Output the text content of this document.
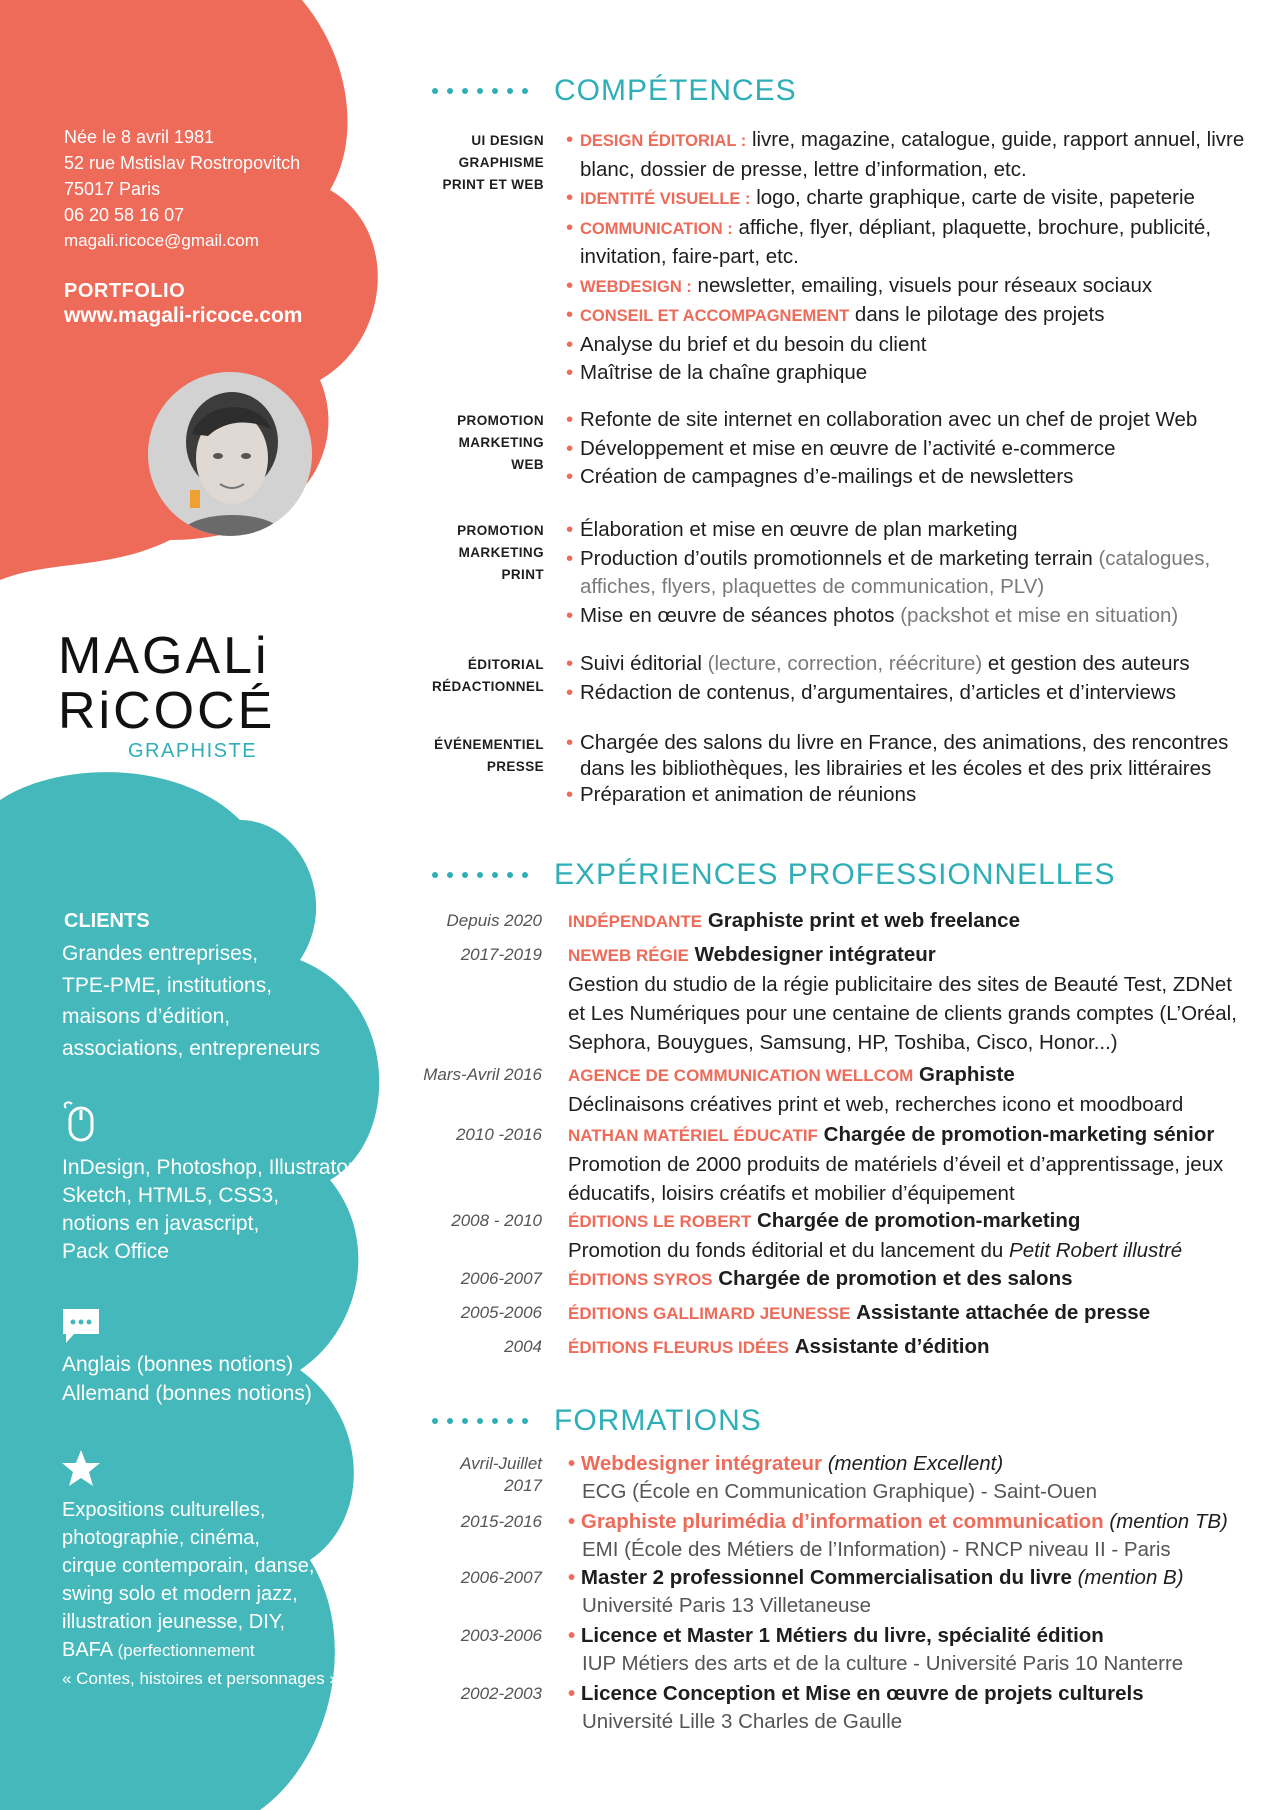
Née le 8 avril 1981
52 rue Mstislav Rostropovitch
75017 Paris
06 20 58 16 07
magali.ricoce@gmail.com
PORTFOLIO
www.magali-ricoce.com
MAGALi
RiCOCÉ
GRAPHISTE
CLIENTS
Grandes entreprises,
TPE-PME, institutions,
maisons d’édition,
associations, entrepreneurs
InDesign, Photoshop, Illustrator,
Sketch, HTML5, CSS3,
notions en javascript,
Pack Office
Anglais (bonnes notions)
Allemand (bonnes notions)
Expositions culturelles,
photographie, cinéma,
cirque contemporain, danse,
swing solo et modern jazz,
illustration jeunesse, DIY,
BAFA (perfectionnement
« Contes, histoires et personnages »)
COMPÉTENCES
UI DESIGN
GRAPHISME
PRINT ET WEB
• DESIGN ÉDITORIAL : livre, magazine, catalogue, guide, rapport annuel, livre blanc, dossier de presse, lettre d’information, etc.
• IDENTITÉ VISUELLE : logo, charte graphique, carte de visite, papeterie
• COMMUNICATION : affiche, flyer, dépliant, plaquette, brochure, publicité, invitation, faire-part, etc.
• WEBDESIGN : newsletter, emailing, visuels pour réseaux sociaux
• CONSEIL ET ACCOMPAGNEMENT dans le pilotage des projets
• Analyse du brief et du besoin du client
• Maîtrise de la chaîne graphique
PROMOTION
MARKETING
WEB
• Refonte de site internet en collaboration avec un chef de projet Web
• Développement et mise en œuvre de l’activité e-commerce
• Création de campagnes d’e-mailings et de newsletters
PROMOTION
MARKETING
PRINT
• Élaboration et mise en œuvre de plan marketing
• Production d’outils promotionnels et de marketing terrain (catalogues, affiches, flyers, plaquettes de communication, PLV)
• Mise en œuvre de séances photos (packshot et mise en situation)
ÉDITORIAL
RÉDACTIONNEL
• Suivi éditorial (lecture, correction, réécriture) et gestion des auteurs
• Rédaction de contenus, d’argumentaires, d’articles et d’interviews
ÉVÉNEMENTIEL
PRESSE
• Chargée des salons du livre en France, des animations, des rencontres dans les bibliothèques, les librairies et les écoles et des prix littéraires
• Préparation et animation de réunions
EXPÉRIENCES PROFESSIONNELLES
Depuis 2020 INDÉPENDANTE Graphiste print et web freelance
2017-2019 NEWEB RÉGIE Webdesigner intégrateur
Gestion du studio de la régie publicitaire des sites de Beauté Test, ZDNet et Les Numériques pour une centaine de clients grands comptes (L’Oréal, Sephora, Bouygues, Samsung, HP, Toshiba, Cisco, Honor...)
Mars-Avril 2016 AGENCE DE COMMUNICATION WELLCOM Graphiste
Déclinaisons créatives print et web, recherches icono et moodboard
2010 -2016 NATHAN MATÉRIEL ÉDUCATIF Chargée de promotion-marketing sénior
Promotion de 2000 produits de matériels d’éveil et d’apprentissage, jeux éducatifs, loisirs créatifs et mobilier d’équipement
2008 - 2010 ÉDITIONS LE ROBERT Chargée de promotion-marketing
Promotion du fonds éditorial et du lancement du Petit Robert illustré
2006-2007 ÉDITIONS SYROS Chargée de promotion et des salons
2005-2006 ÉDITIONS GALLIMARD JEUNESSE Assistante attachée de presse
2004 ÉDITIONS FLEURUS IDÉES Assistante d’édition
FORMATIONS
Avril-Juillet 2017
• Webdesigner intégrateur (mention Excellent)
ECG (École en Communication Graphique) - Saint-Ouen
2015-2016 • Graphiste plurimédia d’information et communication (mention TB)
EMI (École des Métiers de l’Information) - RNCP niveau II - Paris
2006-2007 • Master 2 professionnel Commercialisation du livre (mention B)
Université Paris 13 Villetaneuse
2003-2006 • Licence et Master 1 Métiers du livre, spécialité édition
IUP Métiers des arts et de la culture - Université Paris 10 Nanterre
2002-2003 • Licence Conception et Mise en œuvre de projets culturels
Université Lille 3 Charles de Gaulle
